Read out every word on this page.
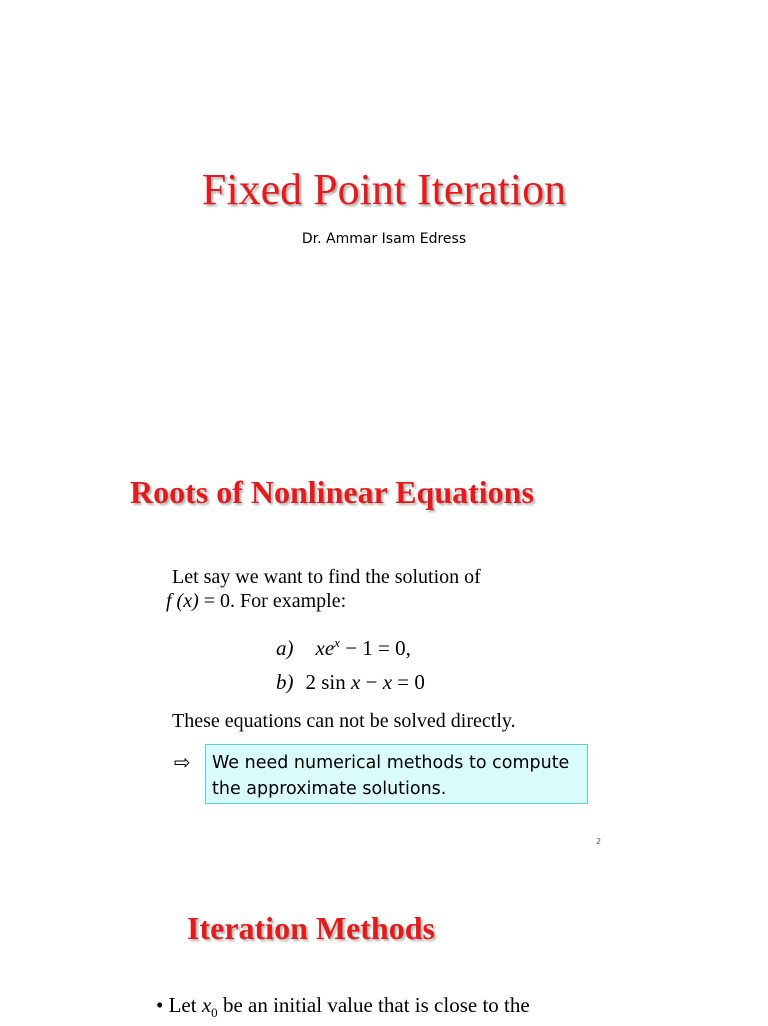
Fixed Point Iteration
Dr. Ammar Isam Edress
Roots of Nonlinear Equations
Let say we want to find the solution of
f (x) = 0. For example:
a) $xe^x - 1 = 0$,
b) 2 sin x − x = 0
These equations can not be solved directly.
⇨ We need numerical methods to compute
the approximate solutions.
2
Iteration Methods
• Let $x_0$ be an initial value that is close to the
